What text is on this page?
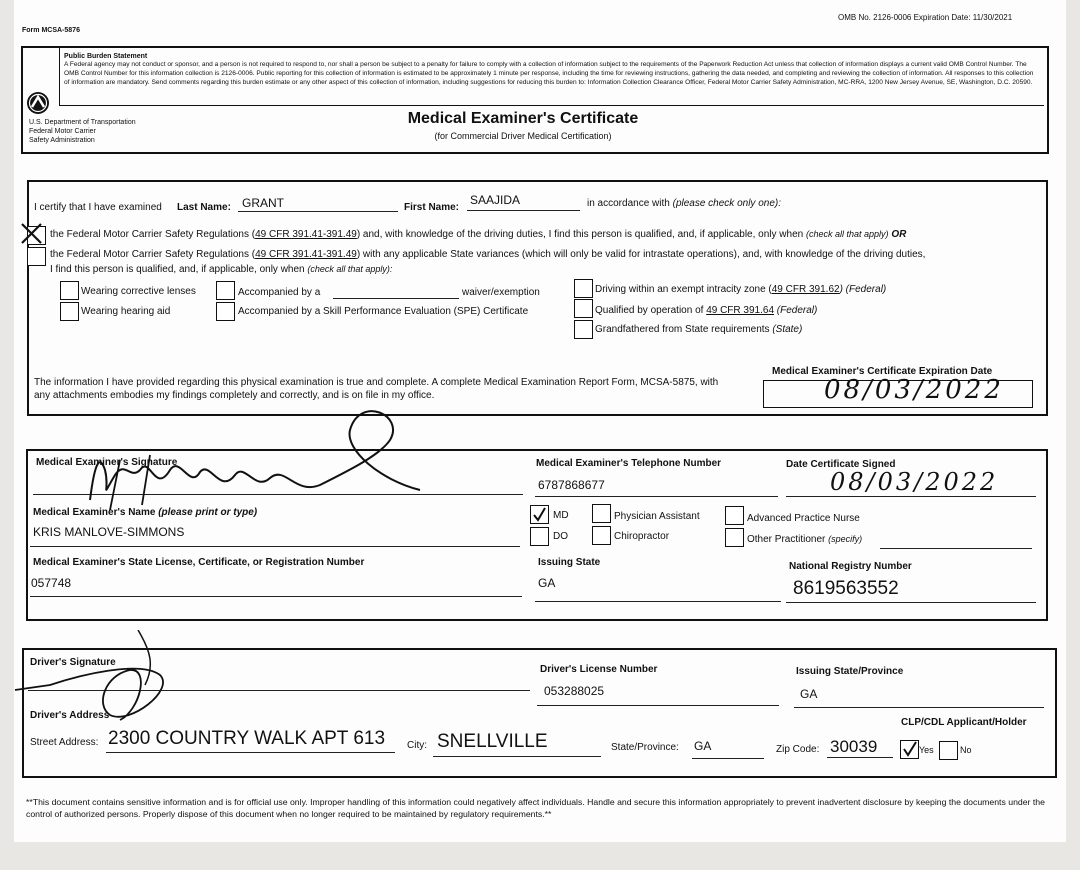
Form MCSA-5876
OMB No. 2126-0006 Expiration Date: 11/30/2021
Public Burden Statement
A Federal agency may not conduct or sponsor, and a person is not required to respond to, nor shall a person be subject to a penalty for failure to comply with a collection of information subject to the requirements of the Paperwork Reduction Act unless that collection of information displays a current valid OMB Control Number. The OMB Control Number for this information collection is 2126-0006. Public reporting for this collection of information is estimated to be approximately 1 minute per response, including the time for reviewing instructions, gathering the data needed, and completing and reviewing the collection of information. All responses to this collection of information are mandatory. Send comments regarding this burden estimate or any other aspect of this collection of information, including suggestions for reducing this burden to: Information Collection Clearance Officer, Federal Motor Carrier Safety Administration, MC-RRA, 1200 New Jersey Avenue, SE, Washington, D.C. 20590.
U.S. Department of Transportation
Federal Motor Carrier
Safety Administration
Medical Examiner's Certificate
(for Commercial Driver Medical Certification)
I certify that I have examined Last Name: GRANT	First Name:
SAAJIDA	in accordance with (please check only one):
the Federal Motor Carrier Safety Regulations (49 CFR 391.41-391.49) and, with knowledge of the driving duties, I find this person is qualified, and, if applicable, only when (check all that apply) OR
the Federal Motor Carrier Safety Regulations (49 CFR 391.41-391.49) with any applicable State variances (which will only be valid for intrastate operations), and, with knowledge of the driving duties,
I find this person is qualified, and, if applicable, only when (check all that apply):
Wearing corrective lenses
Wearing hearing aid
Accompanied by a	waiver/exemption
Accompanied by a Skill Performance Evaluation (SPE) Certificate
Driving within an exempt intracity zone (49 CFR 391.62) (Federal)
Qualified by operation of 49 CFR 391.64 (Federal)
Grandfathered from State requirements (State)
The information I have provided regarding this physical examination is true and complete. A complete Medical Examination Report Form, MCSA-5875, with any attachments embodies my findings completely and correctly, and is on file in my office.
Medical Examiner's Certificate Expiration Date
08/03/2022
Medical Examiner's Signature	Medical Examiner's Telephone Number
6787868677
Date Certificate Signed
08/03/2022
Medical Examiner's Name (please print or type)
KRIS MANLOVE-SIMMONS
MD
DO
Physician Assistant
Chiropractor
Advanced Practice Nurse
Other Practitioner (specify)
Medical Examiner's State License, Certificate, or Registration Number
057748
Issuing State
GA
National Registry Number
8619563552
Driver's Signature
Driver's License Number
053288025
Issuing State/Province
GA
Driver's Address
CLP/CDL Applicant/Holder
Street Address: 2300 COUNTRY WALK APT 613 City: SNELLVILLE	State/Province: GA	Zip Code: 30039	Yes	No
**This document contains sensitive information and is for official use only. Improper handling of this information could negatively affect individuals. Handle and secure this information appropriately to prevent inadvertent disclosure by keeping the documents under the control of authorized persons. Properly dispose of this document when no longer required to be maintained by regulatory requirements.**
